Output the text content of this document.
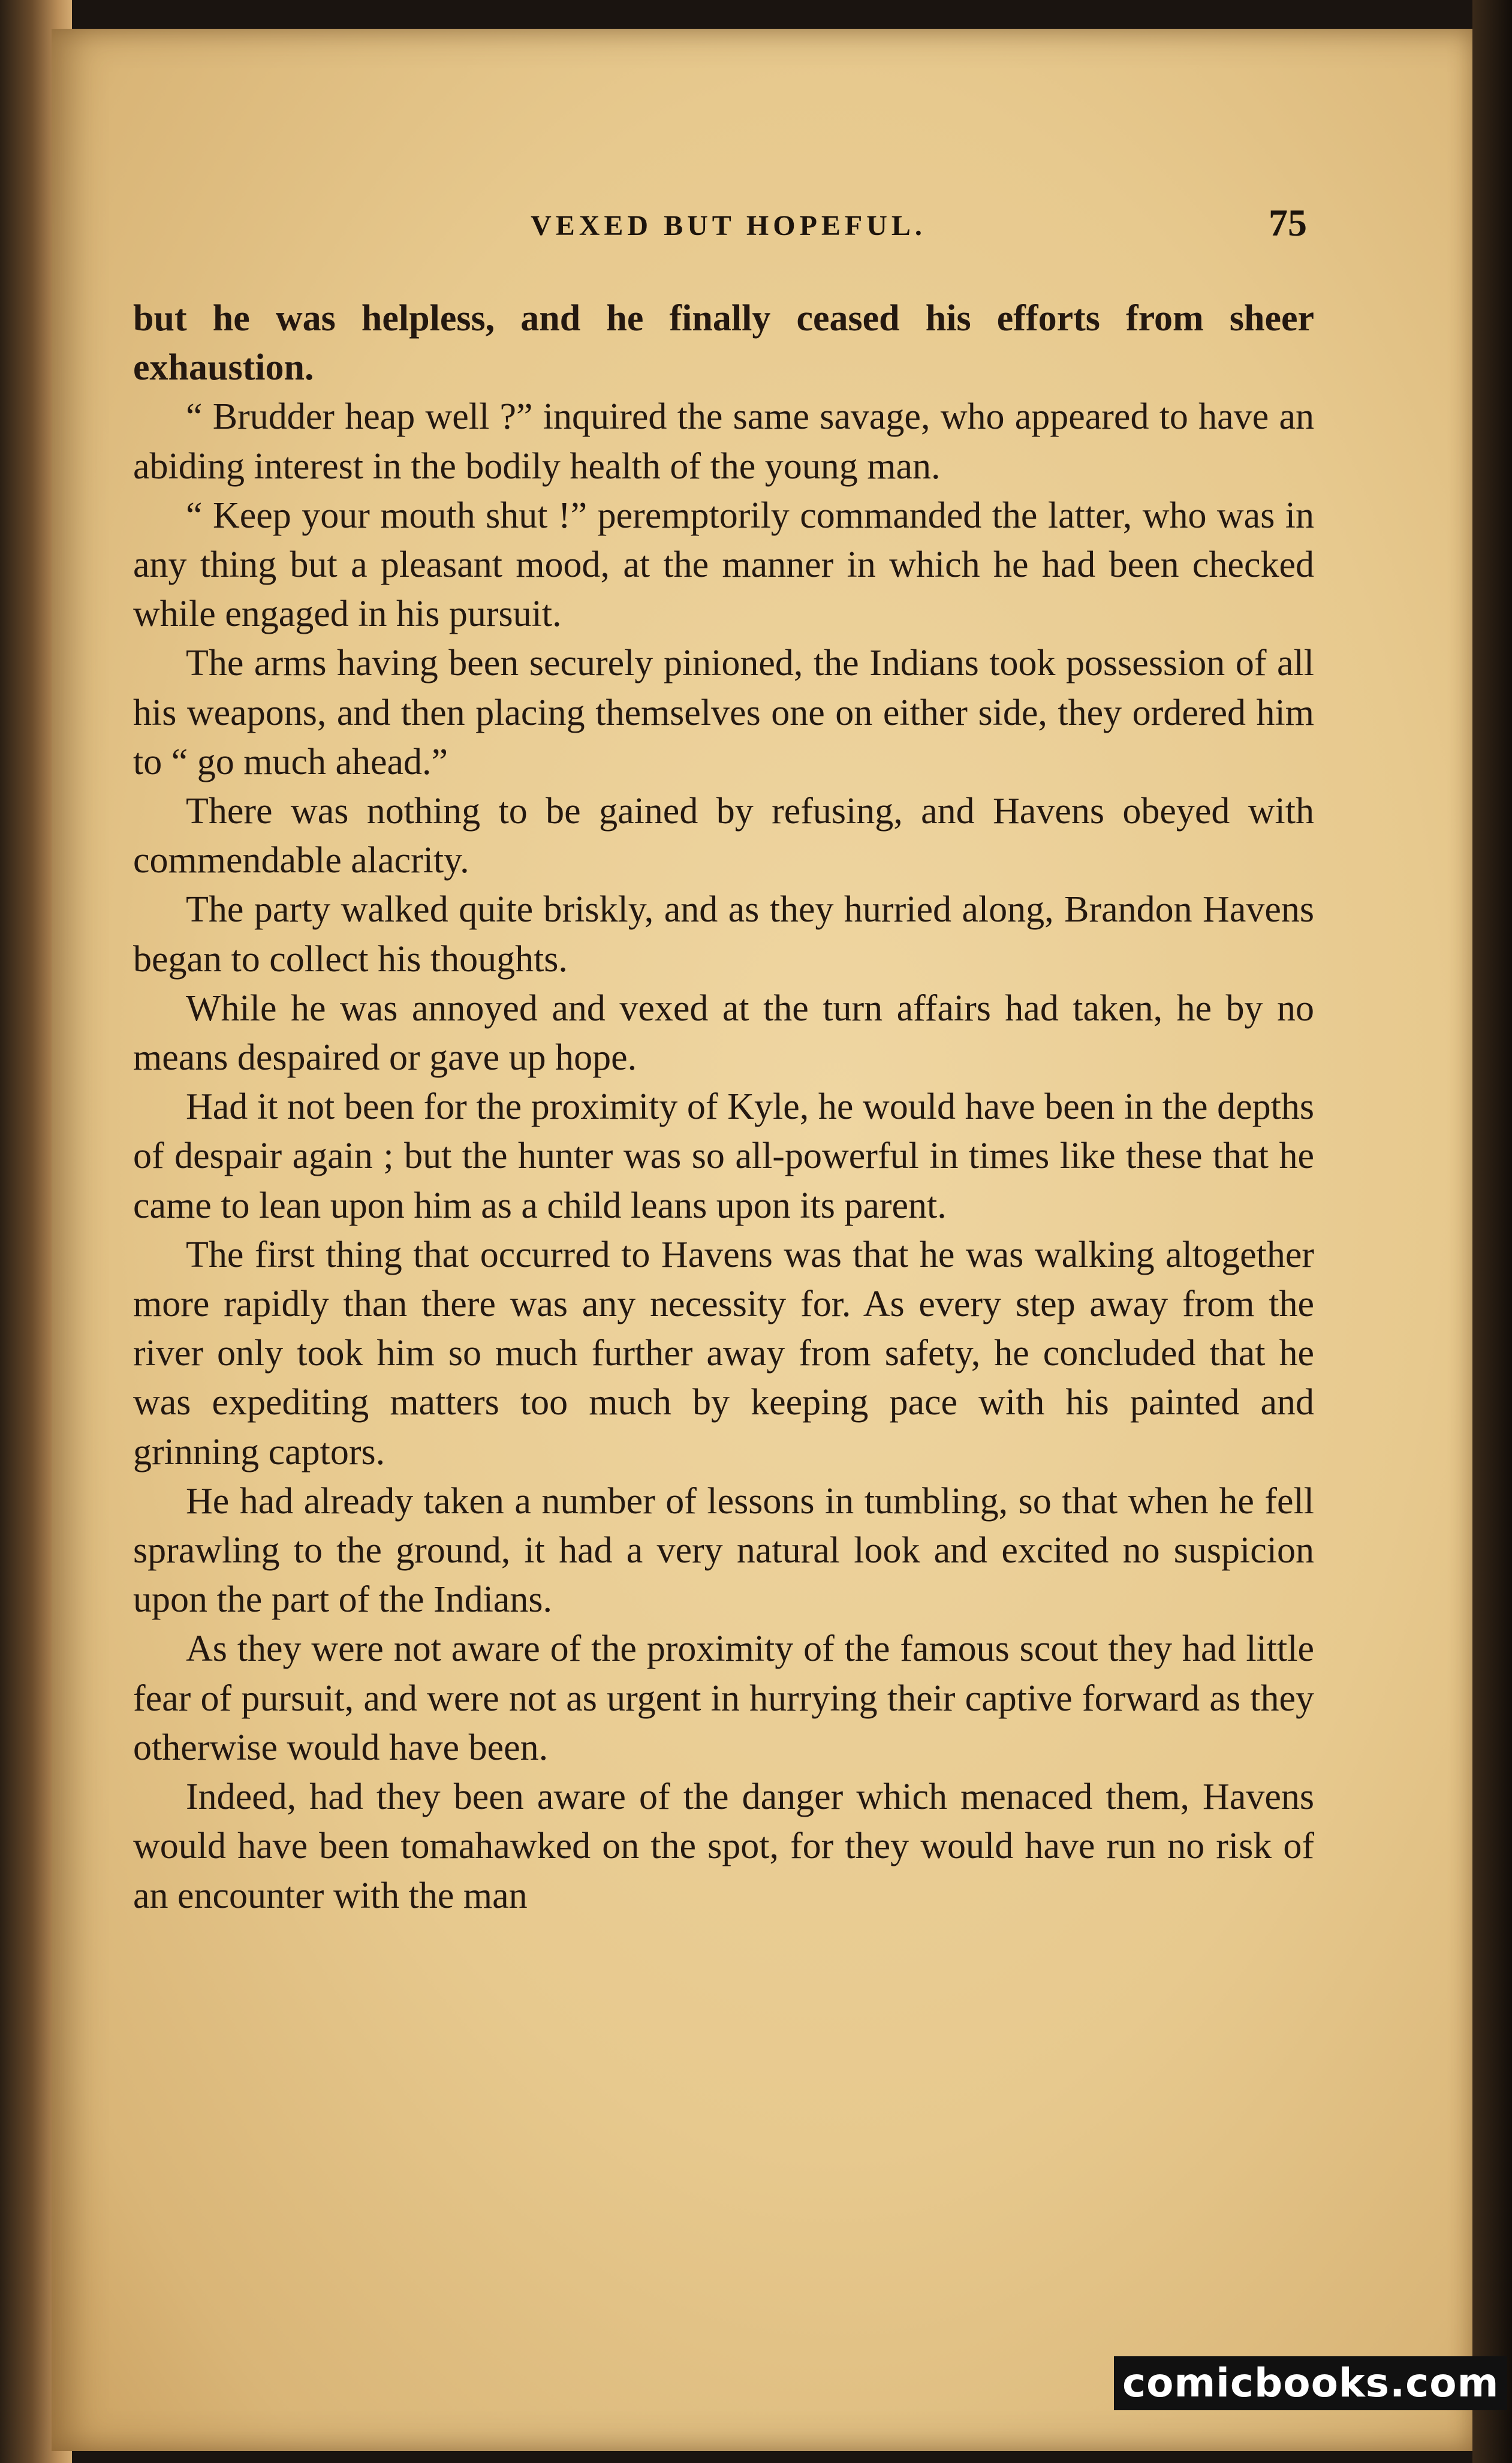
VEXED BUT HOPEFUL.	75

but he was helpless, and he finally ceased his efforts from sheer exhaustion.

“ Brudder heap well ?” inquired the same savage, who appeared to have an abiding interest in the bodily health of the young man.

“ Keep your mouth shut !” peremptorily commanded the latter, who was in any thing but a pleasant mood, at the manner in which he had been checked while engaged in his pursuit.

The arms having been securely pinioned, the Indians took possession of all his weapons, and then placing themselves one on either side, they ordered him to “ go much ahead.”

There was nothing to be gained by refusing, and Havens obeyed with commendable alacrity.

The party walked quite briskly, and as they hurried along, Brandon Havens began to collect his thoughts.

While he was annoyed and vexed at the turn affairs had taken, he by no means despaired or gave up hope.

Had it not been for the proximity of Kyle, he would have been in the depths of despair again ; but the hunter was so all-powerful in times like these that he came to lean upon him as a child leans upon its parent.

The first thing that occurred to Havens was that he was walking altogether more rapidly than there was any necessity for. As every step away from the river only took him so much further away from safety, he concluded that he was expediting matters too much by keeping pace with his painted and grinning captors.

He had already taken a number of lessons in tumbling, so that when he fell sprawling to the ground, it had a very natural look and excited no suspicion upon the part of the Indians.

As they were not aware of the proximity of the famous scout they had little fear of pursuit, and were not as urgent in hurrying their captive forward as they otherwise would have been.

Indeed, had they been aware of the danger which menaced them, Havens would have been tomahawked on the spot, for they would have run no risk of an encounter with the man

comicbooks.com
